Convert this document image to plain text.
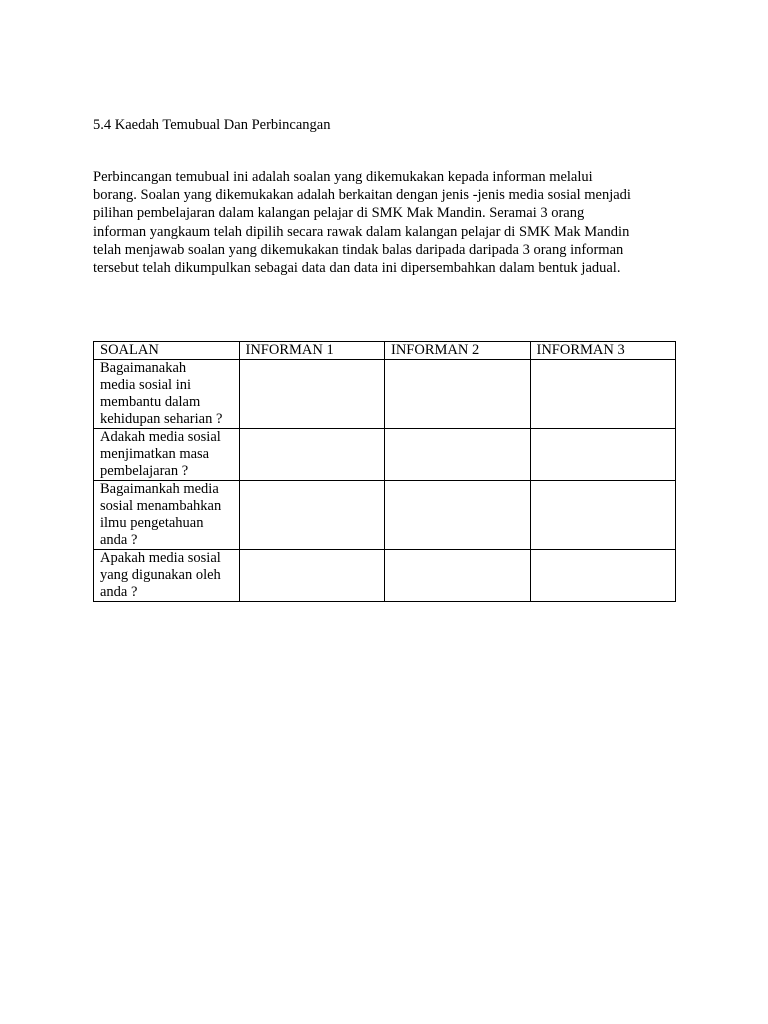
5.4 Kaedah Temubual Dan Perbincangan

Perbincangan temubual ini adalah soalan yang dikemukakan kepada informan melalui
borang. Soalan yang dikemukakan adalah berkaitan dengan jenis -jenis media sosial menjadi
pilihan pembelajaran dalam kalangan pelajar di SMK Mak Mandin. Seramai 3 orang
informan yangkaum telah dipilih secara rawak dalam kalangan pelajar di SMK Mak Mandin
telah menjawab soalan yang dikemukakan tindak balas daripada daripada 3 orang informan
tersebut telah dikumpulkan sebagai data dan data ini dipersembahkan dalam bentuk jadual.

SOALAN	INFORMAN 1	INFORMAN 2	INFORMAN 3

Bagaimanakah
media sosial ini
membantu dalam
kehidupan seharian ?			

Adakah media sosial
menjimatkan masa
pembelajaran ?			

Bagaimankah media
sosial menambahkan
ilmu pengetahuan
anda ?			

Apakah media sosial
yang digunakan oleh
anda ?			
